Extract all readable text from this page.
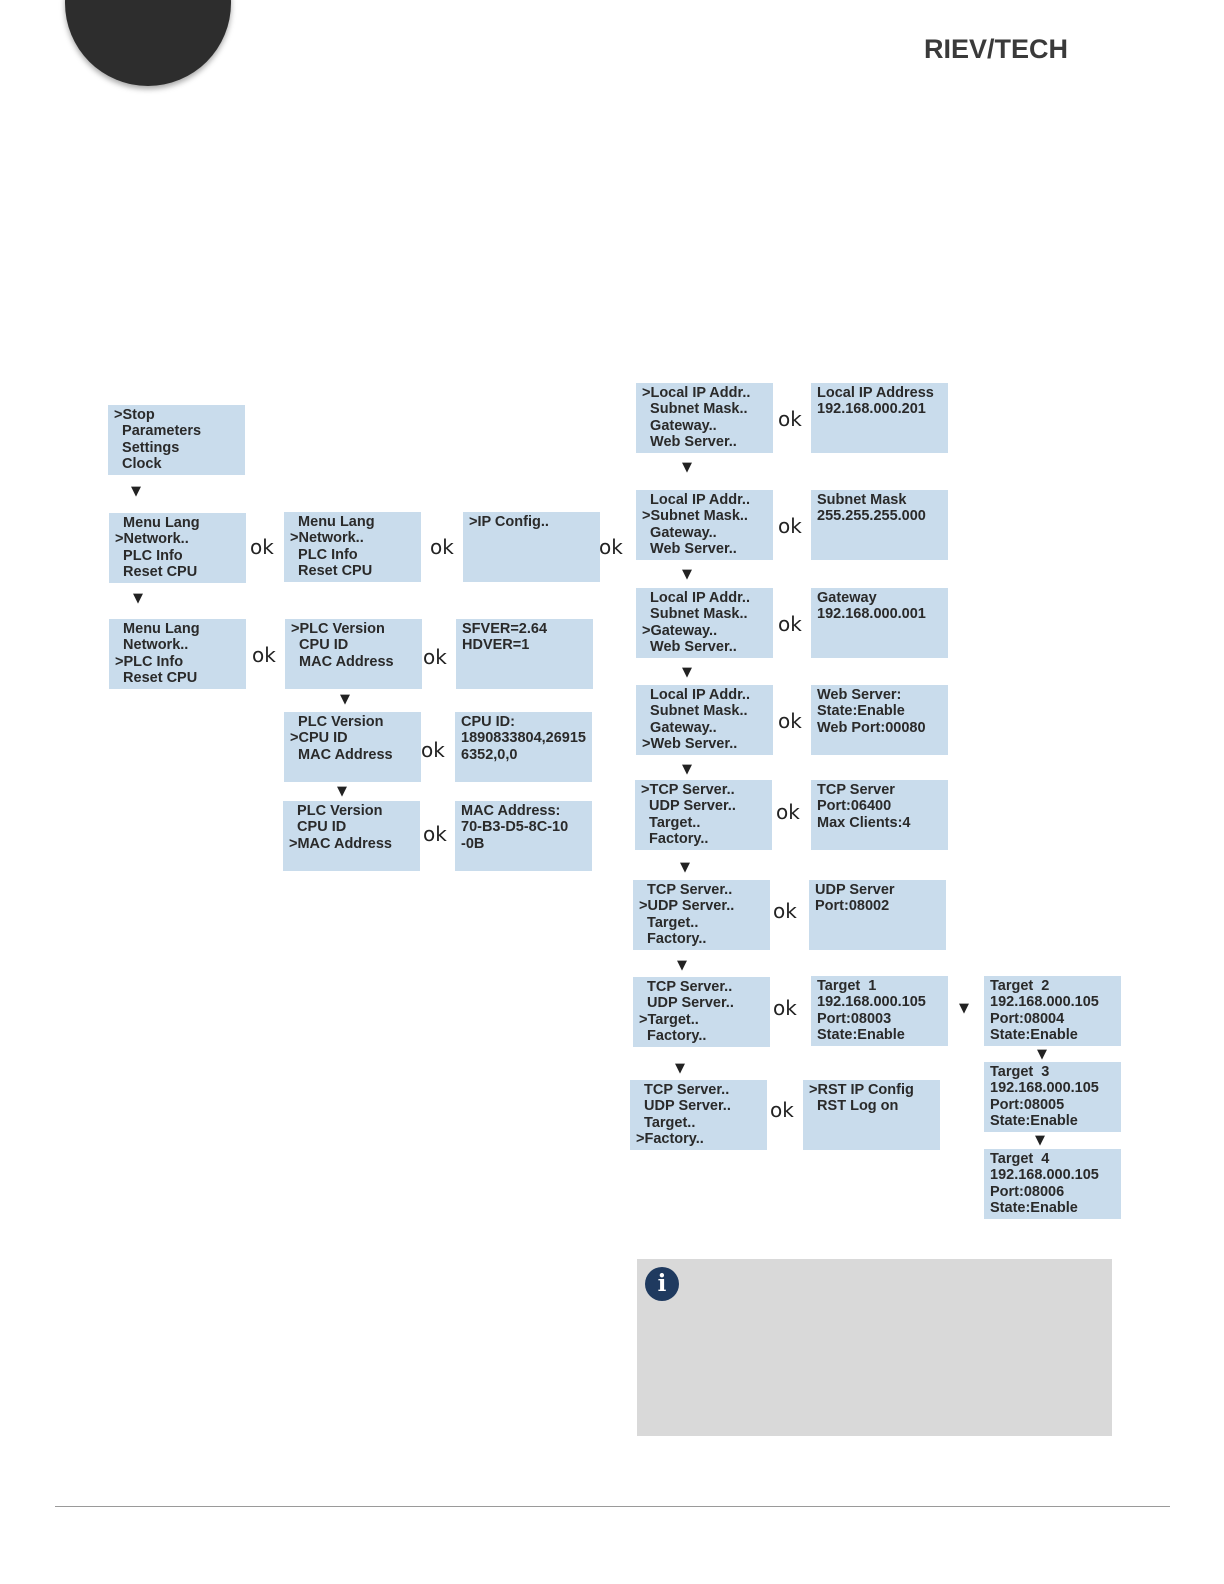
RIEV/TECH
>Stop
Parameters
Settings
Clock
Menu Lang
>Network..
PLC Info
Reset CPU
Menu Lang
>Network..
PLC Info
Reset CPU
>IP Config..
Menu Lang
Network..
>PLC Info
Reset CPU
>PLC Version
CPU ID
MAC Address
SFVER=2.64
HDVER=1
PLC Version
>CPU ID
MAC Address
CPU ID:
1890833804,26915
6352,0,0
PLC Version
CPU ID
>MAC Address
MAC Address:
70-B3-D5-8C-10
-0B
>Local IP Addr..
Subnet Mask..
Gateway..
Web Server..
Local IP Address
192.168.000.201
Local IP Addr..
>Subnet Mask..
Gateway..
Web Server..
Subnet Mask
255.255.255.000
Local IP Addr..
Subnet Mask..
>Gateway..
Web Server..
Gateway
192.168.000.001
Local IP Addr..
Subnet Mask..
Gateway..
>Web Server..
Web Server:
State:Enable
Web Port:00080
>TCP Server..
UDP Server..
Target..
Factory..
TCP Server
Port:06400
Max Clients:4
TCP Server..
>UDP Server..
Target..
Factory..
UDP Server
Port:08002
TCP Server..
UDP Server..
>Target..
Factory..
Target  1
192.168.000.105
Port:08003
State:Enable
Target  2
192.168.000.105
Port:08004
State:Enable
Target  3
192.168.000.105
Port:08005
State:Enable
Target  4
192.168.000.105
Port:08006
State:Enable
TCP Server..
UDP Server..
Target..
>Factory..
>RST IP Config
RST Log on
ok	ok	ok
ok	ok
ok
ok
ok
ok
ok
ok
ok
ok
ok
ok
▼
▼
▼
▼
▼
▼
▼
▼
▼
▼
▼
▼
▼
▼
i
